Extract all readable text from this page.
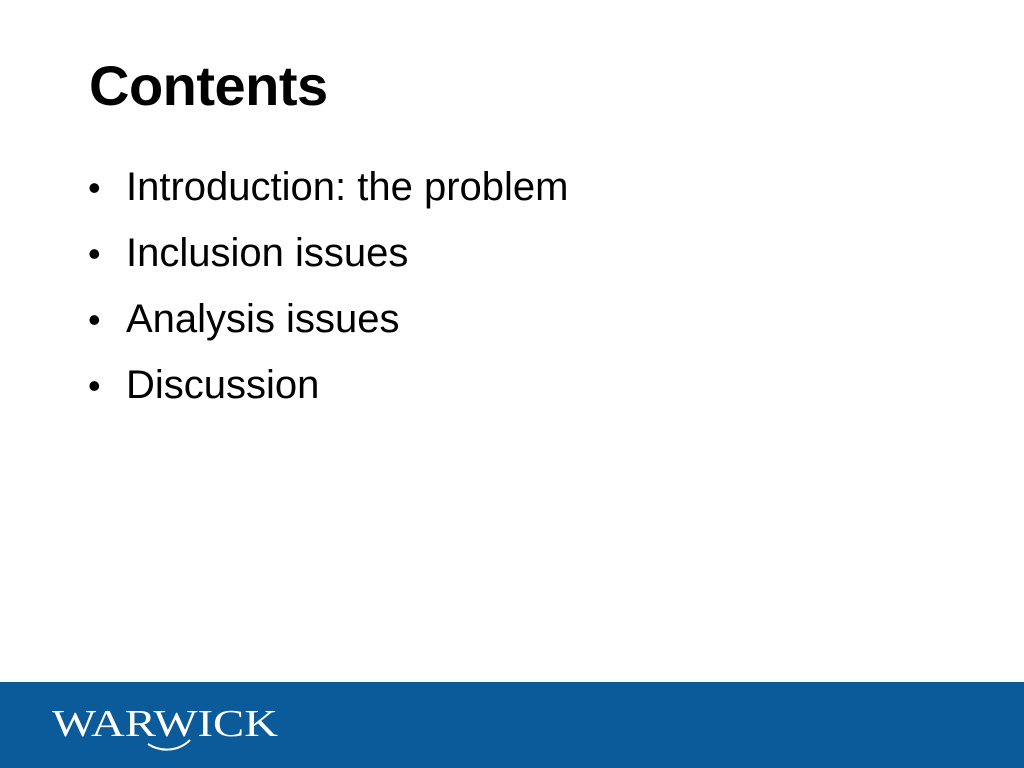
Contents
• Introduction: the problem
• Inclusion issues
• Analysis issues
• Discussion
WARWICK
